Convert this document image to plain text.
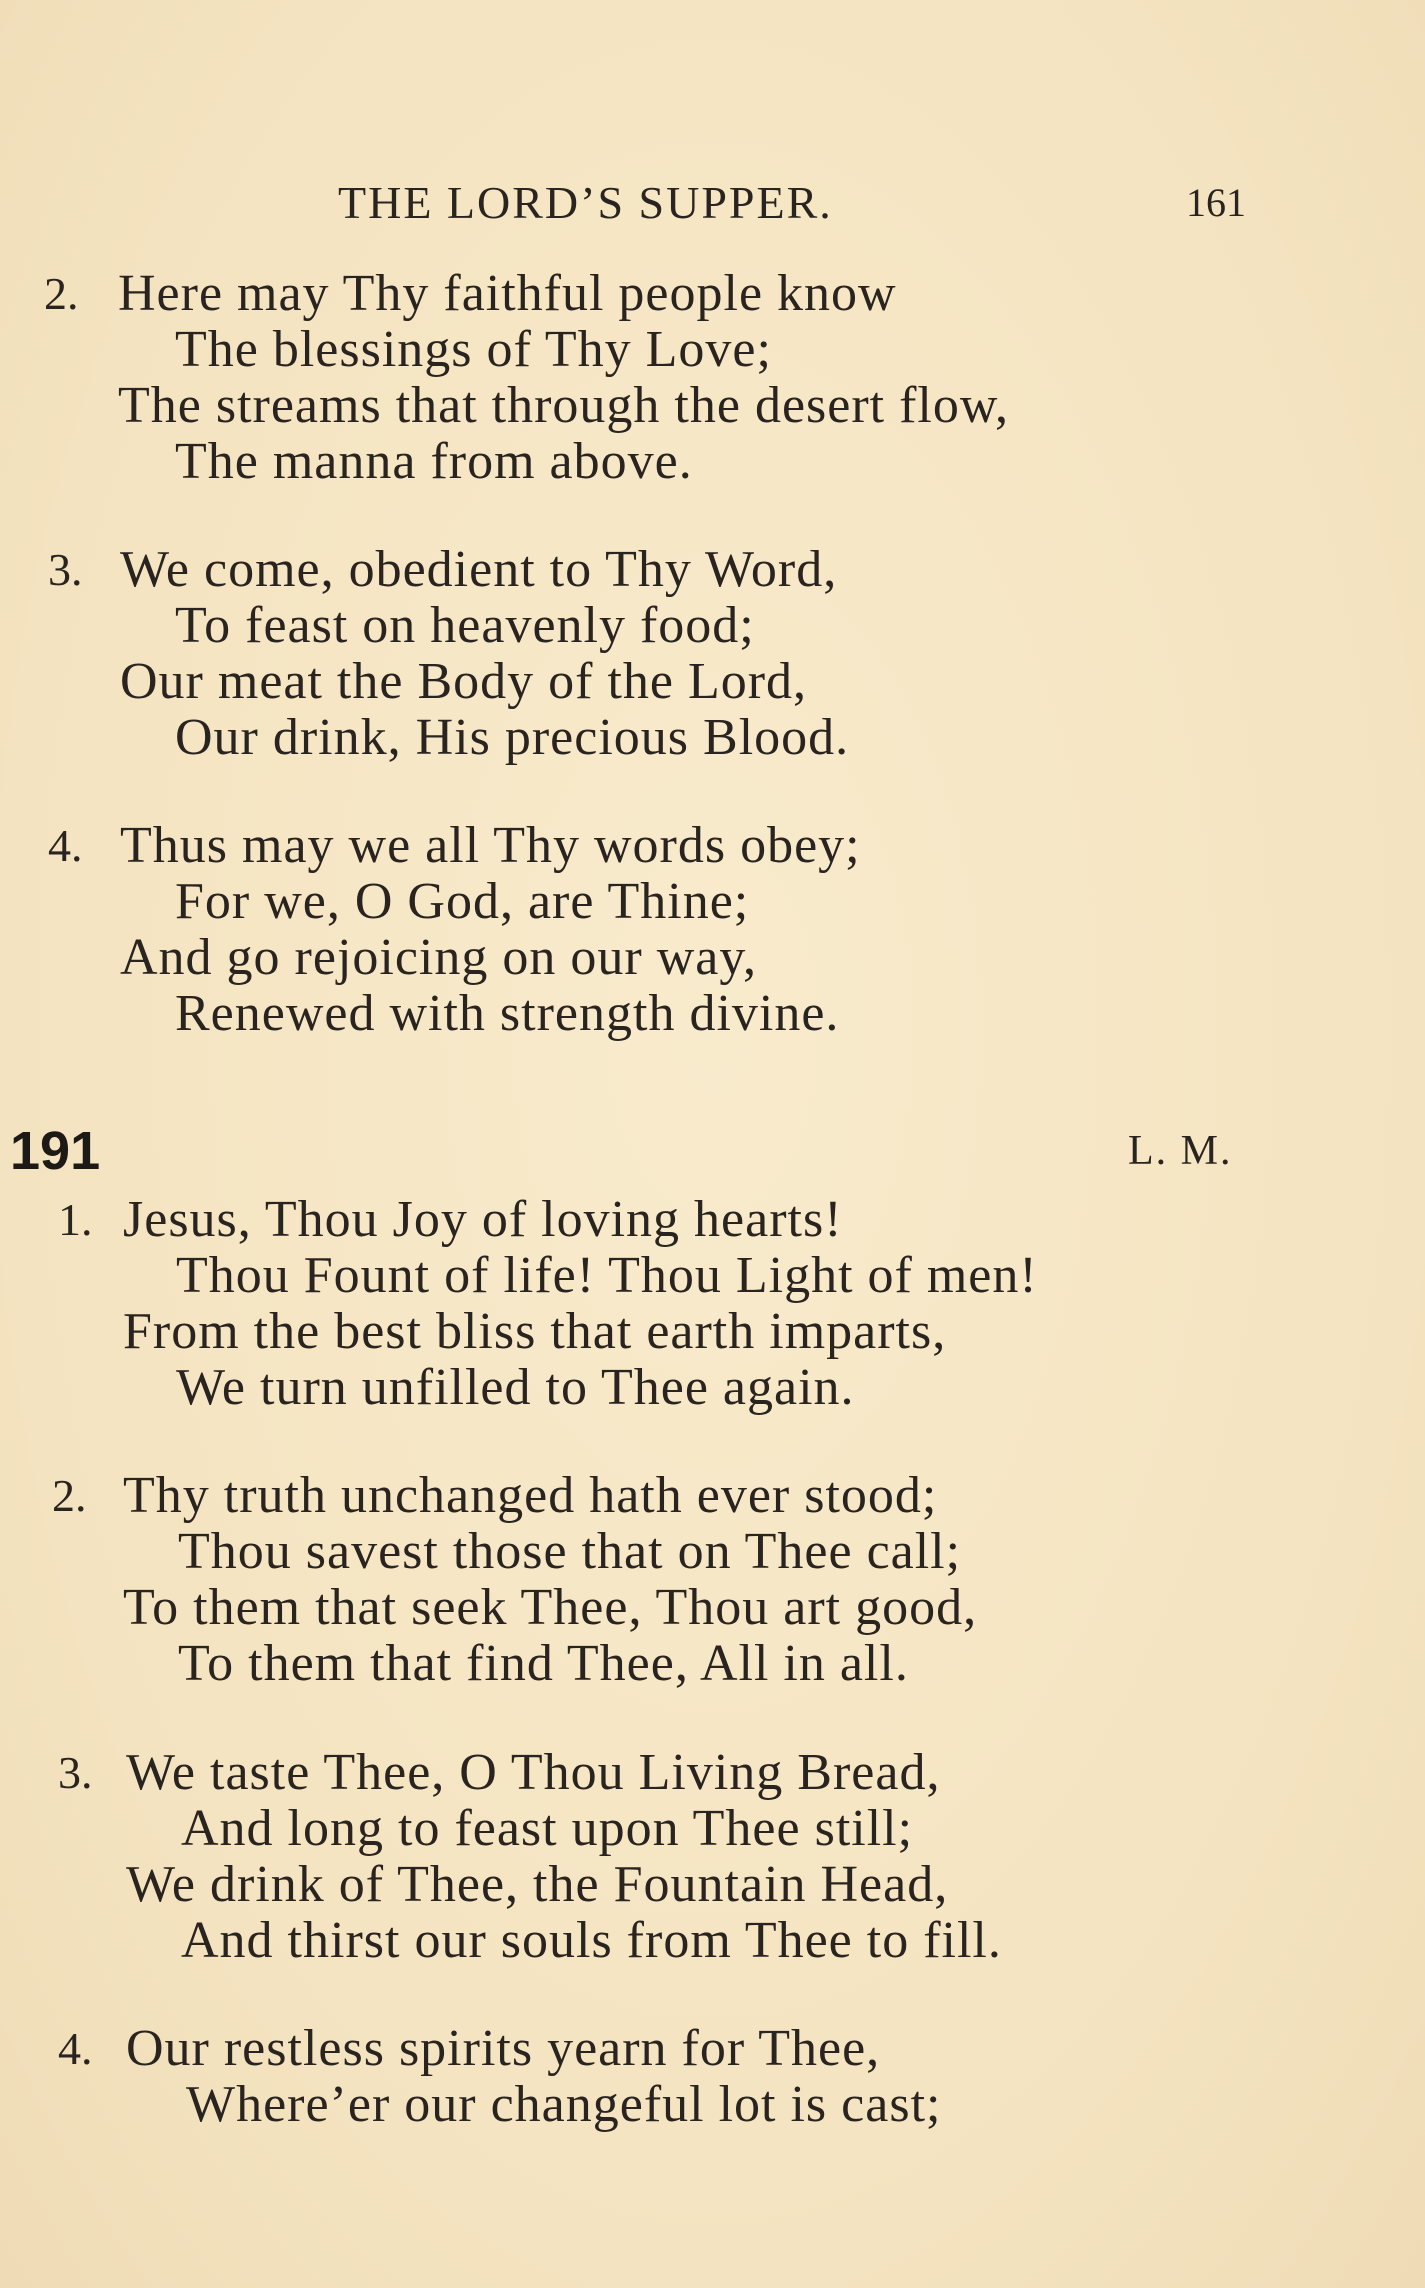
THE LORD’S SUPPER.	161
2. Here may Thy faithful people know
The blessings of Thy Love;
The streams that through the desert flow,
The manna from above.
3. We come, obedient to Thy Word,
To feast on heavenly food;
Our meat the Body of the Lord,
Our drink, His precious Blood.
4. Thus may we all Thy words obey;
For we, O God, are Thine;
And go rejoicing on our way,
Renewed with strength divine.
191	L. M.
1. Jesus, Thou Joy of loving hearts!
Thou Fount of life! Thou Light of men!
From the best bliss that earth imparts,
We turn unfilled to Thee again.
2. Thy truth unchanged hath ever stood;
Thou savest those that on Thee call;
To them that seek Thee, Thou art good,
To them that find Thee, All in all.
3. We taste Thee, O Thou Living Bread,
And long to feast upon Thee still;
We drink of Thee, the Fountain Head,
And thirst our souls from Thee to fill.
4. Our restless spirits yearn for Thee,
Where’er our changeful lot is cast;
